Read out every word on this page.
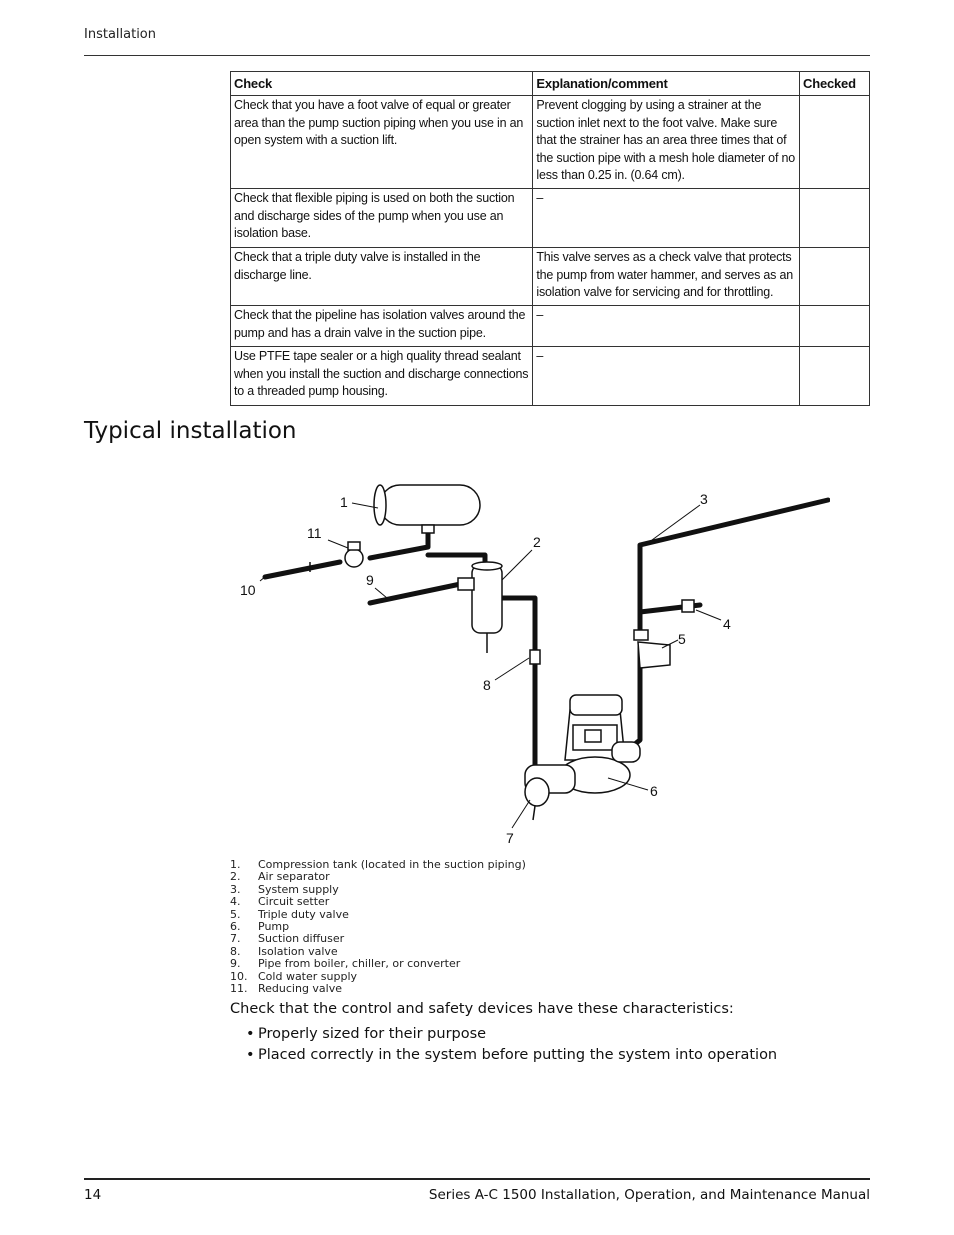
Installation
Check	Explanation/comment	Checked
Check that you have a foot valve of equal or greater area than the pump suction piping when you use in an open system with a suction lift.	Prevent clogging by using a strainer at the suction inlet next to the foot valve. Make sure that the strainer has an area three times that of the suction pipe with a mesh hole diameter of no less than 0.25 in. (0.64 cm).	
Check that flexible piping is used on both the suction and discharge sides of the pump when you use an isolation base.	–	
Check that a triple duty valve is installed in the discharge line.	This valve serves as a check valve that protects the pump from water hammer, and serves as an isolation valve for servicing and for throttling.	
Check that the pipeline has isolation valves around the pump and has a drain valve in the suction pipe.	–	
Use PTFE tape sealer or a high quality thread sealant when you install the suction and discharge connections to a threaded pump housing.	–	
Typical installation
1
2
3
4
5
6
7
8
9
10
11
1. Compression tank (located in the suction piping)
2. Air separator
3. System supply
4. Circuit setter
5. Triple duty valve
6. Pump
7. Suction diffuser
8. Isolation valve
9. Pipe from boiler, chiller, or converter
10. Cold water supply
11. Reducing valve

Check that the control and safety devices have these characteristics:

• Properly sized for their purpose
• Placed correctly in the system before putting the system into operation
14	Series A-C 1500 Installation, Operation, and Maintenance Manual
